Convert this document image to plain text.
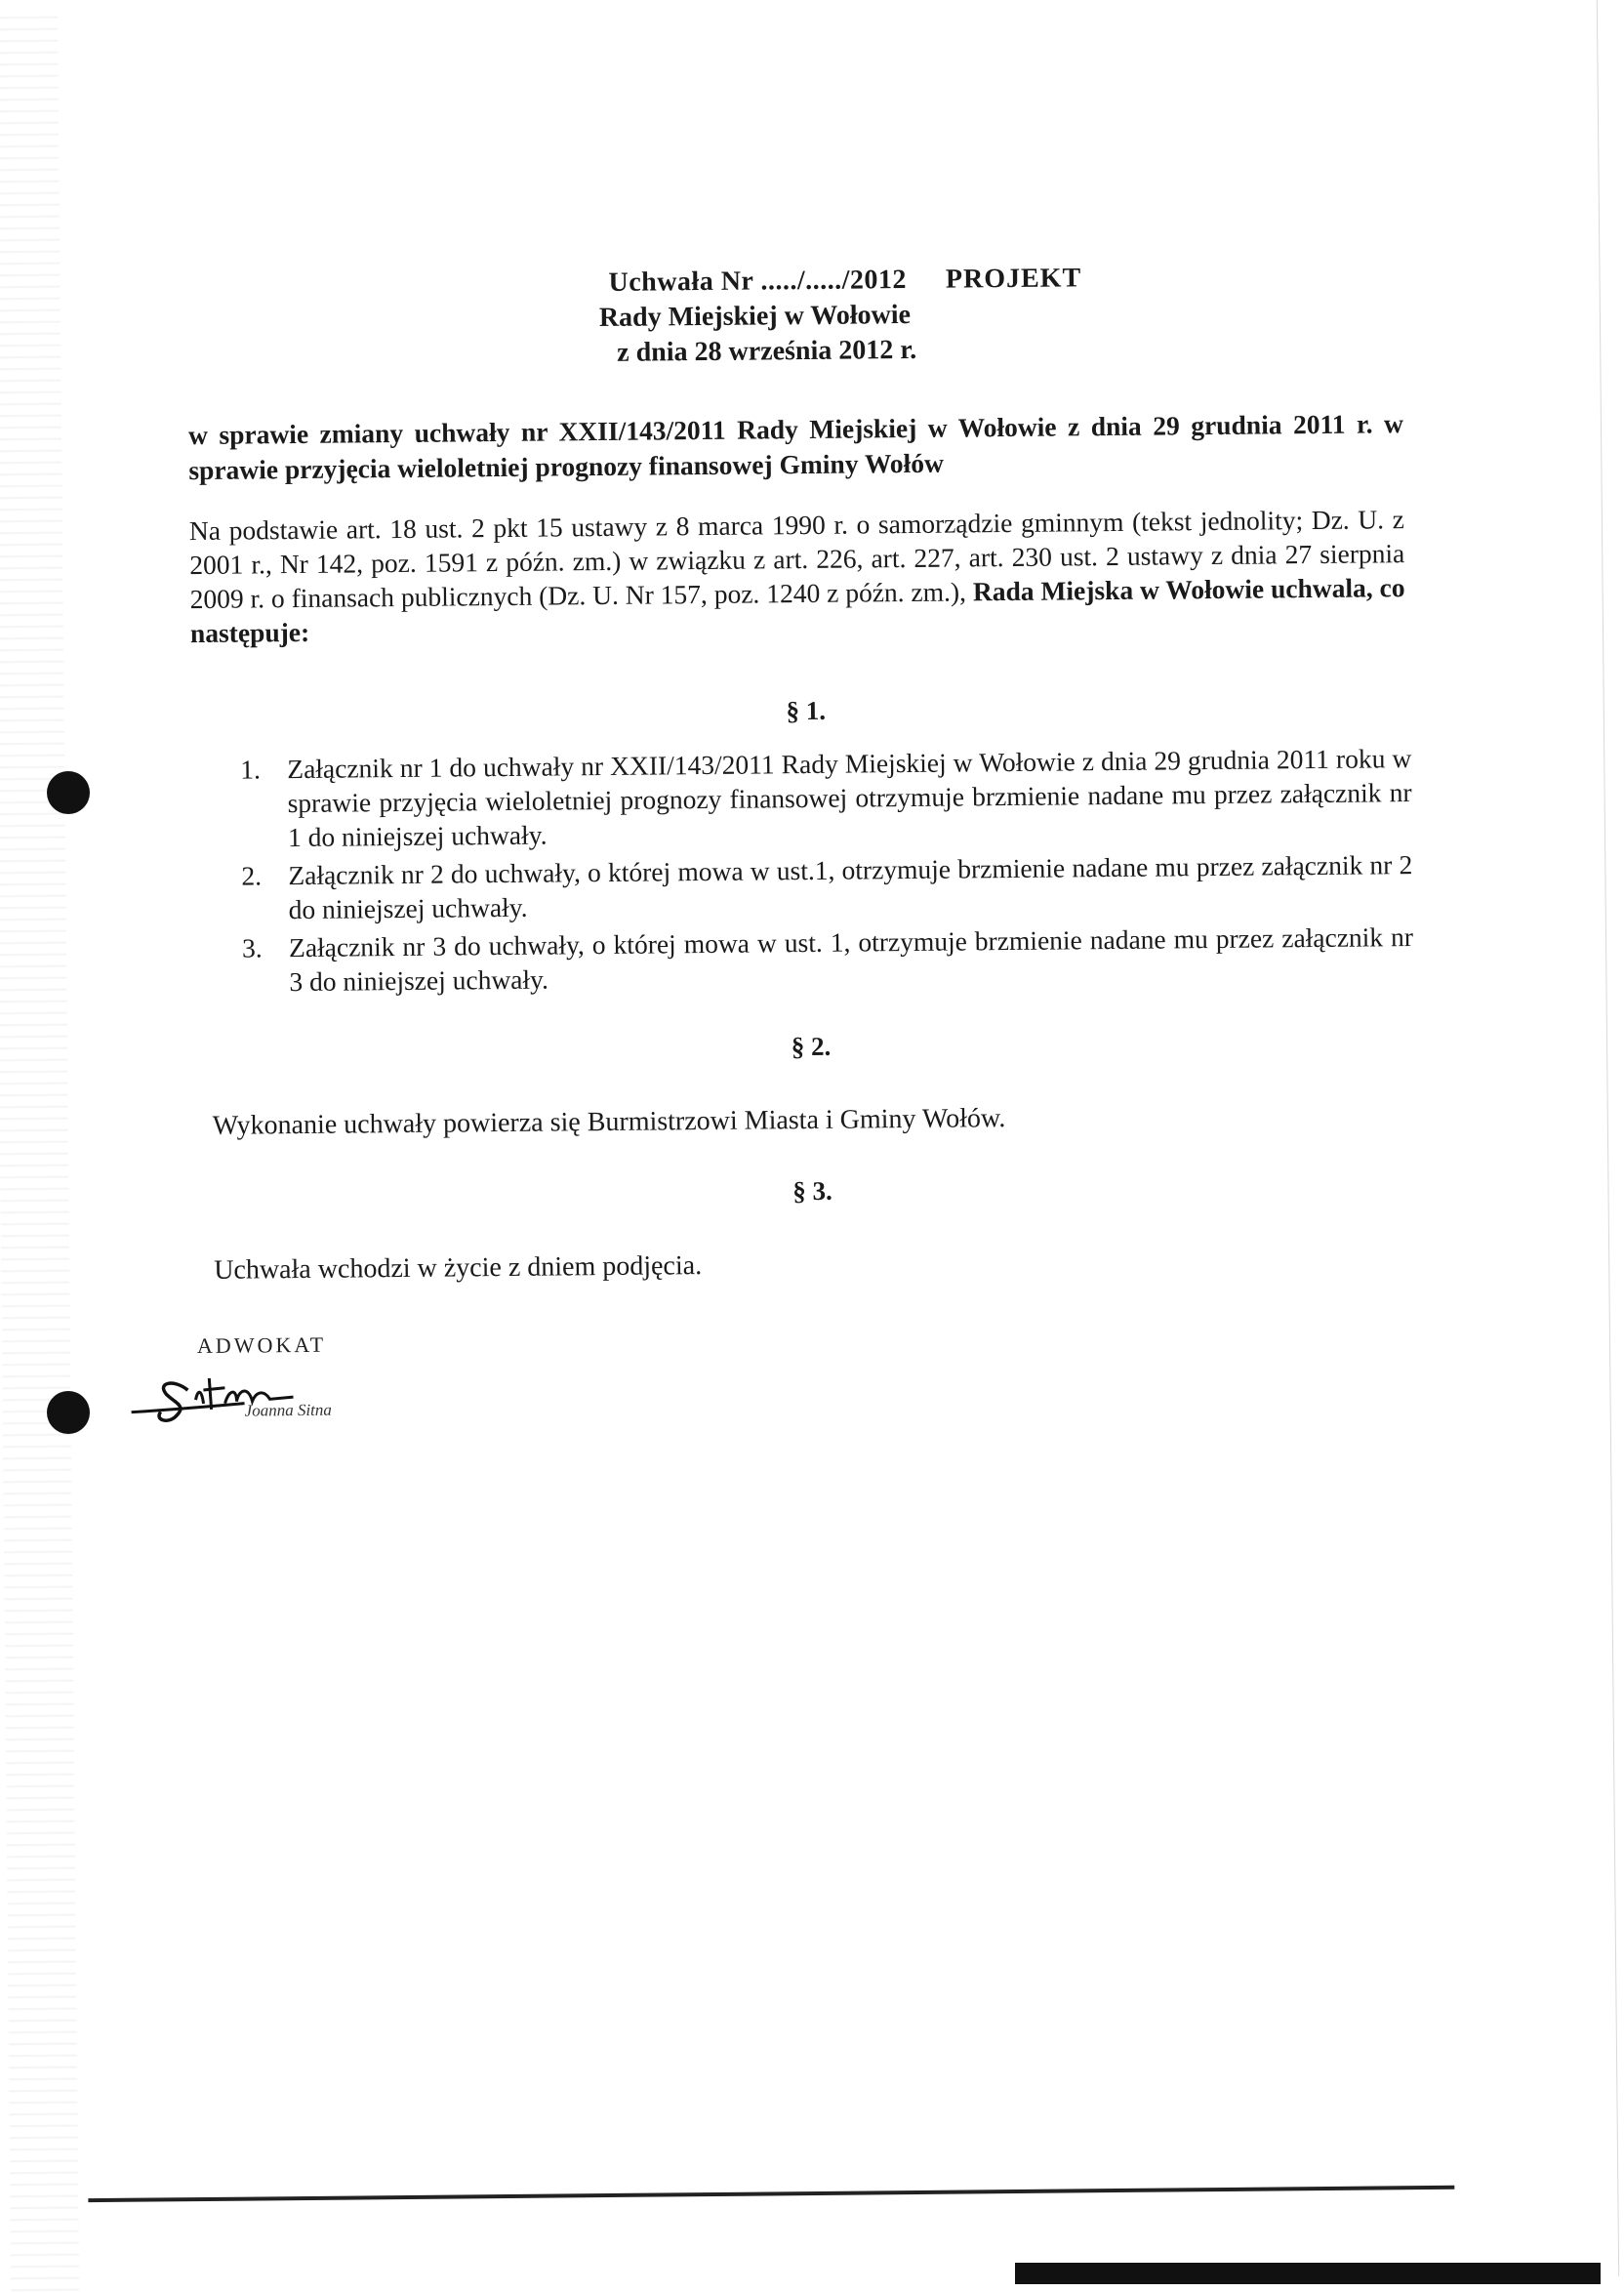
Uchwała Nr ...../...../2012 PROJEKT
Rady Miejskiej w Wołowie
z dnia 28 września 2012 r.
w sprawie zmiany uchwały nr XXII/143/2011 Rady Miejskiej w Wołowie z dnia 29 grudnia 2011 r. w sprawie przyjęcia wieloletniej prognozy finansowej Gminy Wołów
Na podstawie art. 18 ust. 2 pkt 15 ustawy z 8 marca 1990 r. o samorządzie gminnym (tekst jednolity; Dz. U. z 2001 r., Nr 142, poz. 1591 z późn. zm.) w związku z art. 226, art. 227, art. 230 ust. 2 ustawy z dnia 27 sierpnia 2009 r. o finansach publicznych (Dz. U. Nr 157, poz. 1240 z późn. zm.), Rada Miejska w Wołowie uchwala, co następuje:
§ 1.
1. Załącznik nr 1 do uchwały nr XXII/143/2011 Rady Miejskiej w Wołowie z dnia 29 grudnia 2011 roku w sprawie przyjęcia wieloletniej prognozy finansowej otrzymuje brzmienie nadane mu przez załącznik nr 1 do niniejszej uchwały.
2. Załącznik nr 2 do uchwały, o której mowa w ust.1, otrzymuje brzmienie nadane mu przez załącznik nr 2 do niniejszej uchwały.
3. Załącznik nr 3 do uchwały, o której mowa w ust. 1, otrzymuje brzmienie nadane mu przez załącznik nr 3 do niniejszej uchwały.
§ 2.
Wykonanie uchwały powierza się Burmistrzowi Miasta i Gminy Wołów.
§ 3.
Uchwała wchodzi w życie z dniem podjęcia.
ADWOKAT
Joanna Sitna
